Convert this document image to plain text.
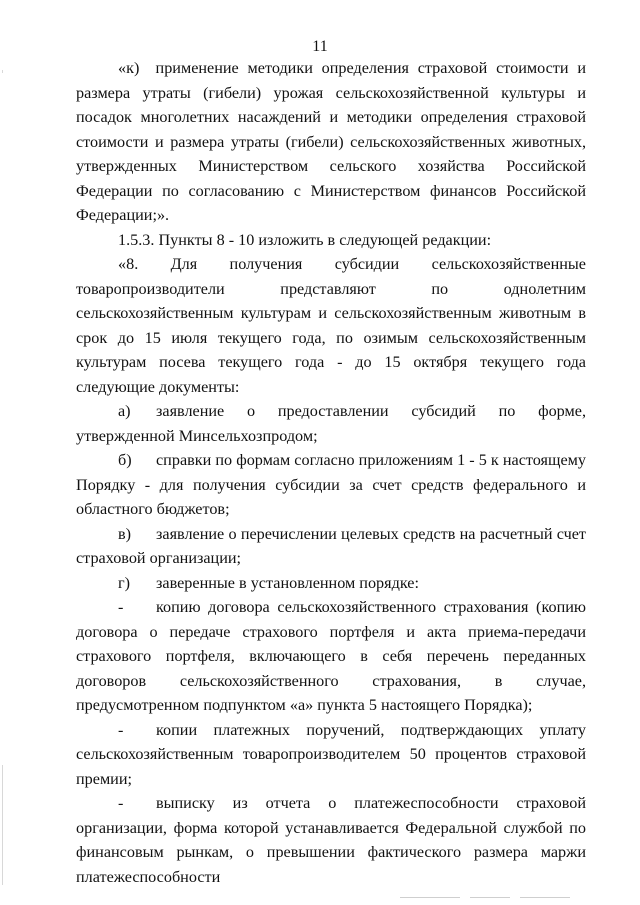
11

«к) применение методики определения страховой стоимости и размера утраты (гибели) урожая сельскохозяйственной культуры и посадок многолетних насаждений и методики определения страховой стоимости и размера утраты (гибели) сельскохозяйственных животных, утвержденных Министерством сельского хозяйства Российской Федерации по согласованию с Министерством финансов Российской Федерации;».

1.5.3. Пункты 8 - 10 изложить в следующей редакции:

«8. Для получения субсидии сельскохозяйственные товаропроизводители представляют по однолетним сельскохозяйственным культурам и сельскохозяйственным животным в срок до 15 июля текущего года, по озимым сельскохозяйственным культурам посева текущего года - до 15 октября текущего года следующие документы:

а) заявление о предоставлении субсидий по форме, утвержденной Минсельхозпродом;

б) справки по формам согласно приложениям 1 - 5 к настоящему Порядку - для получения субсидии за счет средств федерального и областного бюджетов;

в) заявление о перечислении целевых средств на расчетный счет страховой организации;

г) заверенные в установленном порядке:

- копию договора сельскохозяйственного страхования (копию договора о передаче страхового портфеля и акта приема-передачи страхового портфеля, включающего в себя перечень переданных договоров сельскохозяйственного страхования, в случае, предусмотренном подпунктом «а» пункта 5 настоящего Порядка);

- копии платежных поручений, подтверждающих уплату сельскохозяйственным товаропроизводителем 50 процентов страховой премии;

- выписку из отчета о платежеспособности страховой организации, форма которой устанавливается Федеральной службой по финансовым рынкам, о превышении фактического размера маржи платежеспособности
